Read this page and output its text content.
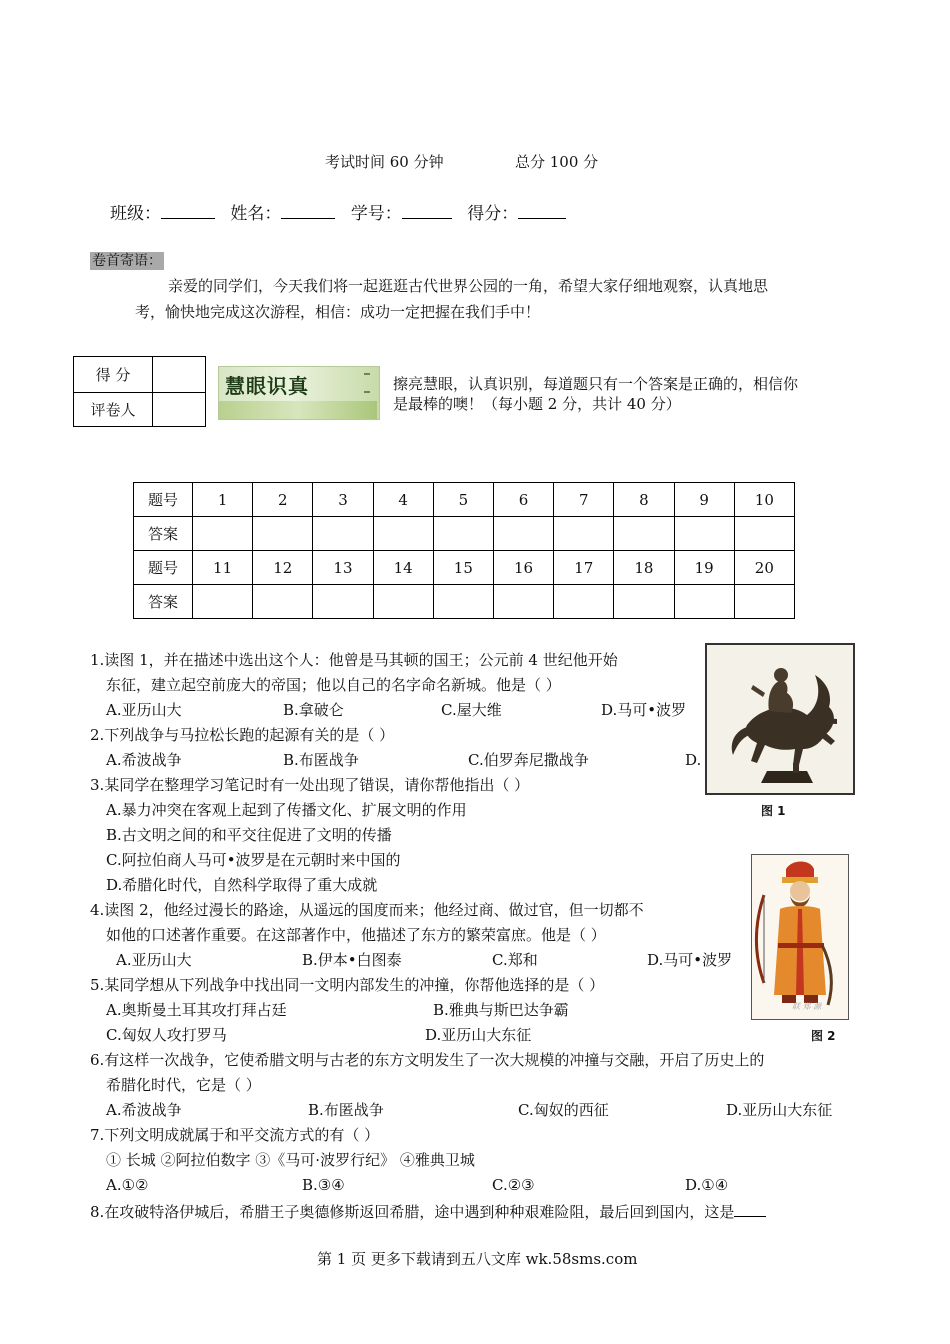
考试时间 60 分钟	总分 100 分
班级：	姓名：	学号：	得分：
卷首寄语：
亲爱的同学们，今天我们将一起逛逛古代世界公园的一角，希望大家仔细地观察，认真地思
考，愉快地完成这次游程，相信：成功一定把握在我们手中！
得 分	
评卷人	
慧眼识真	擦亮慧眼，认真识别，每道题只有一个答案是正确的，相信你
是最棒的噢！（每小题 2 分，共计 40 分）
题号	1	2	3	4	5	6	7	8	9	10
答案										
题号	11	12	13	14	15	16	17	18	19	20
答案										
图 1
联 郑 源
图 2
1.读图 1，并在描述中选出这个人：他曾是马其顿的国王；公元前 4 世纪他开始
东征，建立起空前庞大的帝国；他以自己的名字命名新城。他是（ ）
A.亚历山大	B.拿破仑	C.屋大维	D.马可•波罗
2.下列战争与马拉松长跑的起源有关的是（ ）
A.希波战争	B.布匿战争	C.伯罗奔尼撒战争	D.
3.某同学在整理学习笔记时有一处出现了错误，请你帮他指出（ ）
A.暴力冲突在客观上起到了传播文化、扩展文明的作用
B.古文明之间的和平交往促进了文明的传播
C.阿拉伯商人马可•波罗是在元朝时来中国的
D.希腊化时代，自然科学取得了重大成就
4.读图 2，他经过漫长的路途，从遥远的国度而来；他经过商、做过官，但一切都不
如他的口述著作重要。在这部著作中，他描述了东方的繁荣富庶。他是（ ）
A.亚历山大	B.伊本•白图泰	C.郑和	D.马可•波罗
5.某同学想从下列战争中找出同一文明内部发生的冲撞，你帮他选择的是（ ）
A.奥斯曼土耳其攻打拜占廷	B.雅典与斯巴达争霸
C.匈奴人攻打罗马	D.亚历山大东征
6.有这样一次战争，它使希腊文明与古老的东方文明发生了一次大规模的冲撞与交融，开启了历史上的
希腊化时代，它是（ ）
A.希波战争	B.布匿战争	C.匈奴的西征	D.亚历山大东征
7.下列文明成就属于和平交流方式的有（ ）
① 长城 ②阿拉伯数字 ③《马可·波罗行纪》 ④雅典卫城
A.①②	B.③④	C.②③	D.①④
8.在攻破特洛伊城后，希腊王子奥德修斯返回希腊，途中遇到种种艰难险阻，最后回到国内，这是
第 1 页 更多下载请到五八文库 wk.58sms.com
